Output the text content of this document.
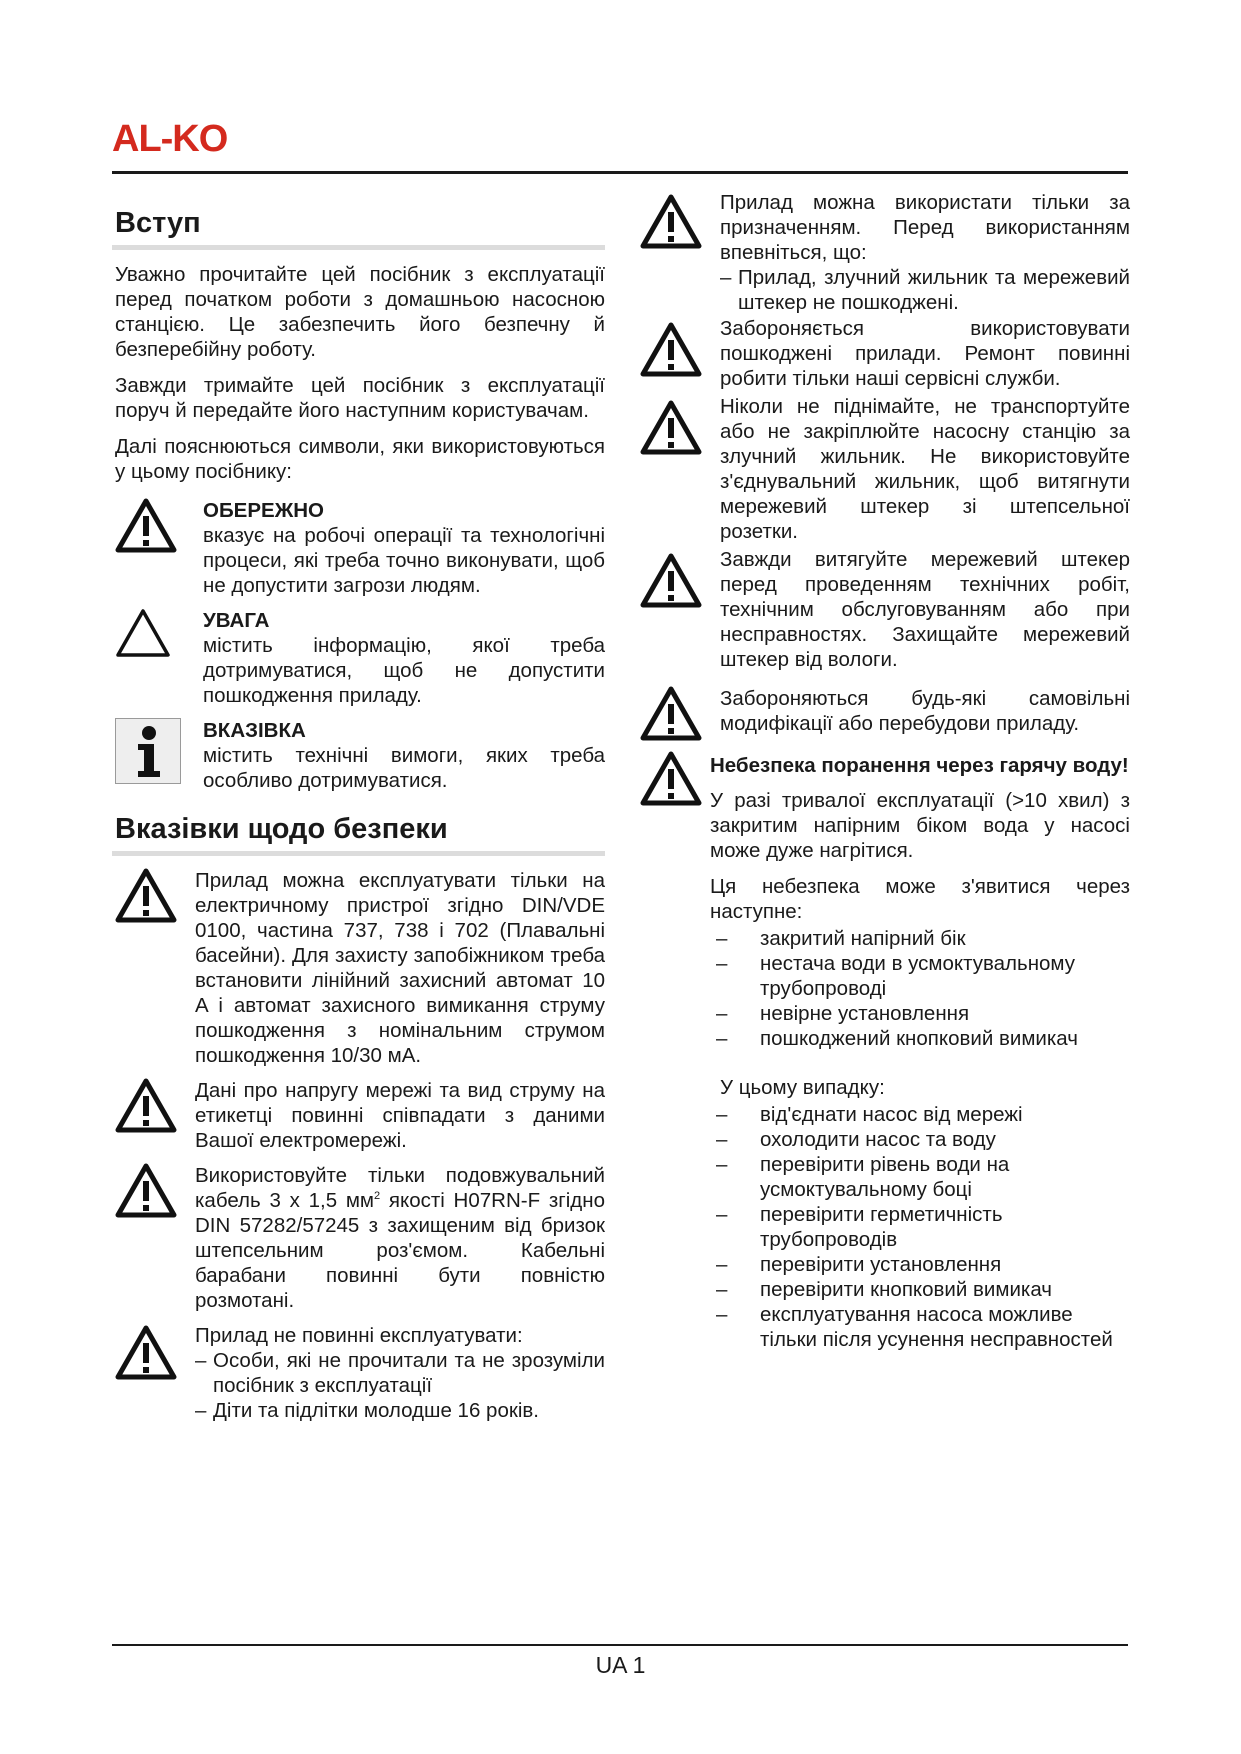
AL-KO
Вступ

Уважно прочитайте цей посібник з експлуатації перед початком роботи з домашньою насосною станцією. Це забезпечить його безпечну й безперебійну роботу.

Завжди тримайте цей посібник з експлуатації поруч й передайте його наступним користувачам.

Далі пояснюються символи, яки використовуються у цьому посібнику:

ОБЕРЕЖНО

вказує на робочі операції та технологічні процеси, які треба точно виконувати, щоб не допустити загрози людям.

УВАГА

містить інформацію, якої треба дотримуватися, щоб не допустити пошкодження приладу.

ВКАЗІВКА

містить технічні вимоги, яких треба особливо дотримуватися.

Вказівки щодо безпеки

Прилад можна експлуатувати тільки на електричному пристрої згідно DIN/VDE 0100, частина 737, 738 і 702 (Плавальні басейни). Для захисту запобіжником треба встановити лінійний захисний автомат 10 A і автомат захисного вимикання струму пошкодження з номінальним струмом пошкодження 10/30 мA.

Дані про напругу мережі та вид струму на етикетці повинні співпадати з даними Вашої електромережі.

Використовуйте тільки подовжувальний кабель 3 x 1,5 $мм^2$ якості H07RN-F згідно DIN 57282/57245 з захищеним від бризок штепсельним роз'ємом. Кабельні барабани повинні бути повністю розмотані.

Прилад не повинні експлуатувати:

– Особи, які не прочитали та не зрозуміли посібник з експлуатації
– Діти та підлітки молодше 16 років.

Прилад можна використати тільки за призначенням. Перед використанням впевніться, що:

– Прилад, злучний жильник та мережевий штекер не пошкоджені.

Забороняється використовувати пошкоджені прилади. Ремонт повинні робити тільки наші сервісні служби.

Ніколи не піднімайте, не транспортуйте або не закріплюйте насосну станцію за злучний жильник. Не використовуйте з'єднувальний жильник, щоб витягнути мережевий штекер зі штепсельної розетки.

Завжди витягуйте мережевий штекер перед проведенням технічних робіт, технічним обслуговуванням або при несправностях. Захищайте мережевий штекер від вологи.

Забороняються будь-які самовільні модифікації або перебудови приладу.

Небезпека поранення через гарячу воду!

У разі тривалої експлуатації (>10 хвил) з закритим напірним біком вода у насосі може дуже нагрітися.

Ця небезпека може з'явитися через наступне:

– закритий напірний бік
– нестача води в усмоктувальному трубопроводі
– невірне установлення
– пошкоджений кнопковий вимикач

У цьому випадку:

– від'єднати насос від мережі
– охолодити насос та воду
– перевірити рівень води на усмоктувальному боці
– перевірити герметичність трубопроводів
– перевірити установлення
– перевірити кнопковий вимикач
– експлуатування насоса можливе тільки після усунення несправностей
UA 1
